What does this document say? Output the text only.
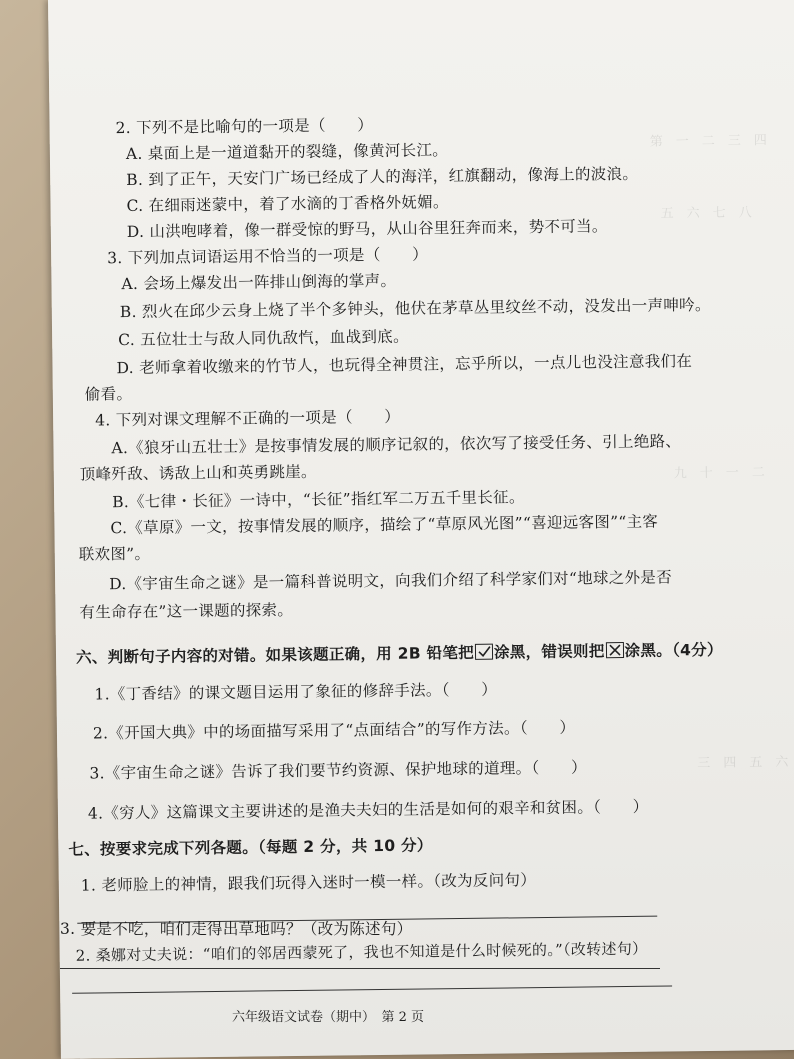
第　一　二　三　四
五　六　七　八
九　十　一　二
三　四　五　六
2. 下列不是比喻句的一项是（　　）
A. 桌面上是一道道黏开的裂缝，像黄河长江。
B. 到了正午，天安门广场已经成了人的海洋，红旗翻动，像海上的波浪。
C. 在细雨迷蒙中，着了水滴的丁香格外妩媚。
D. 山洪咆哮着，像一群受惊的野马，从山谷里狂奔而来，势不可当。
3. 下列加点词语运用不恰当的一项是（　　）
A. 会场上爆发出一阵排山倒海的掌声。
B. 烈火在邱少云身上烧了半个多钟头，他伏在茅草丛里纹丝不动，没发出一声呻吟。
C. 五位壮士与敌人同仇敌忾，血战到底。
D. 老师拿着收缴来的竹节人，也玩得全神贯注，忘乎所以，一点儿也没注意我们在
偷看。
4. 下列对课文理解不正确的一项是（　　）
A.《狼牙山五壮士》是按事情发展的顺序记叙的，依次写了接受任务、引上绝路、
顶峰歼敌、诱敌上山和英勇跳崖。
B.《七律・长征》一诗中，“长征”指红军二万五千里长征。
C.《草原》一文，按事情发展的顺序，描绘了“草原风光图”“喜迎远客图”“主客
联欢图”。
D.《宇宙生命之谜》是一篇科普说明文，向我们介绍了科学家们对“地球之外是否
有生命存在”这一课题的探索。
六、判断句子内容的对错。如果该题正确，用 2B 铅笔把 涂黑，错误则把☒涂黑。（4分）
1.《丁香结》的课文题目运用了象征的修辞手法。（　　）
2.《开国大典》中的场面描写采用了“点面结合”的写作方法。（　　）
3.《宇宙生命之谜》告诉了我们要节约资源、保护地球的道理。（　　）
4.《穷人》这篇课文主要讲述的是渔夫夫妇的生活是如何的艰辛和贫困。（　　）
七、按要求完成下列各题。（每题 2 分，共 10 分）
1. 老师脸上的神情，跟我们玩得入迷时一模一样。（改为反问句）
2. 桑娜对丈夫说：“咱们的邻居西蒙死了，我也不知道是什么时候死的。”（改转述句）
3. 要是不吃，咱们走得出草地吗？（改为陈述句）
六年级语文试卷（期中）　第 2 页
